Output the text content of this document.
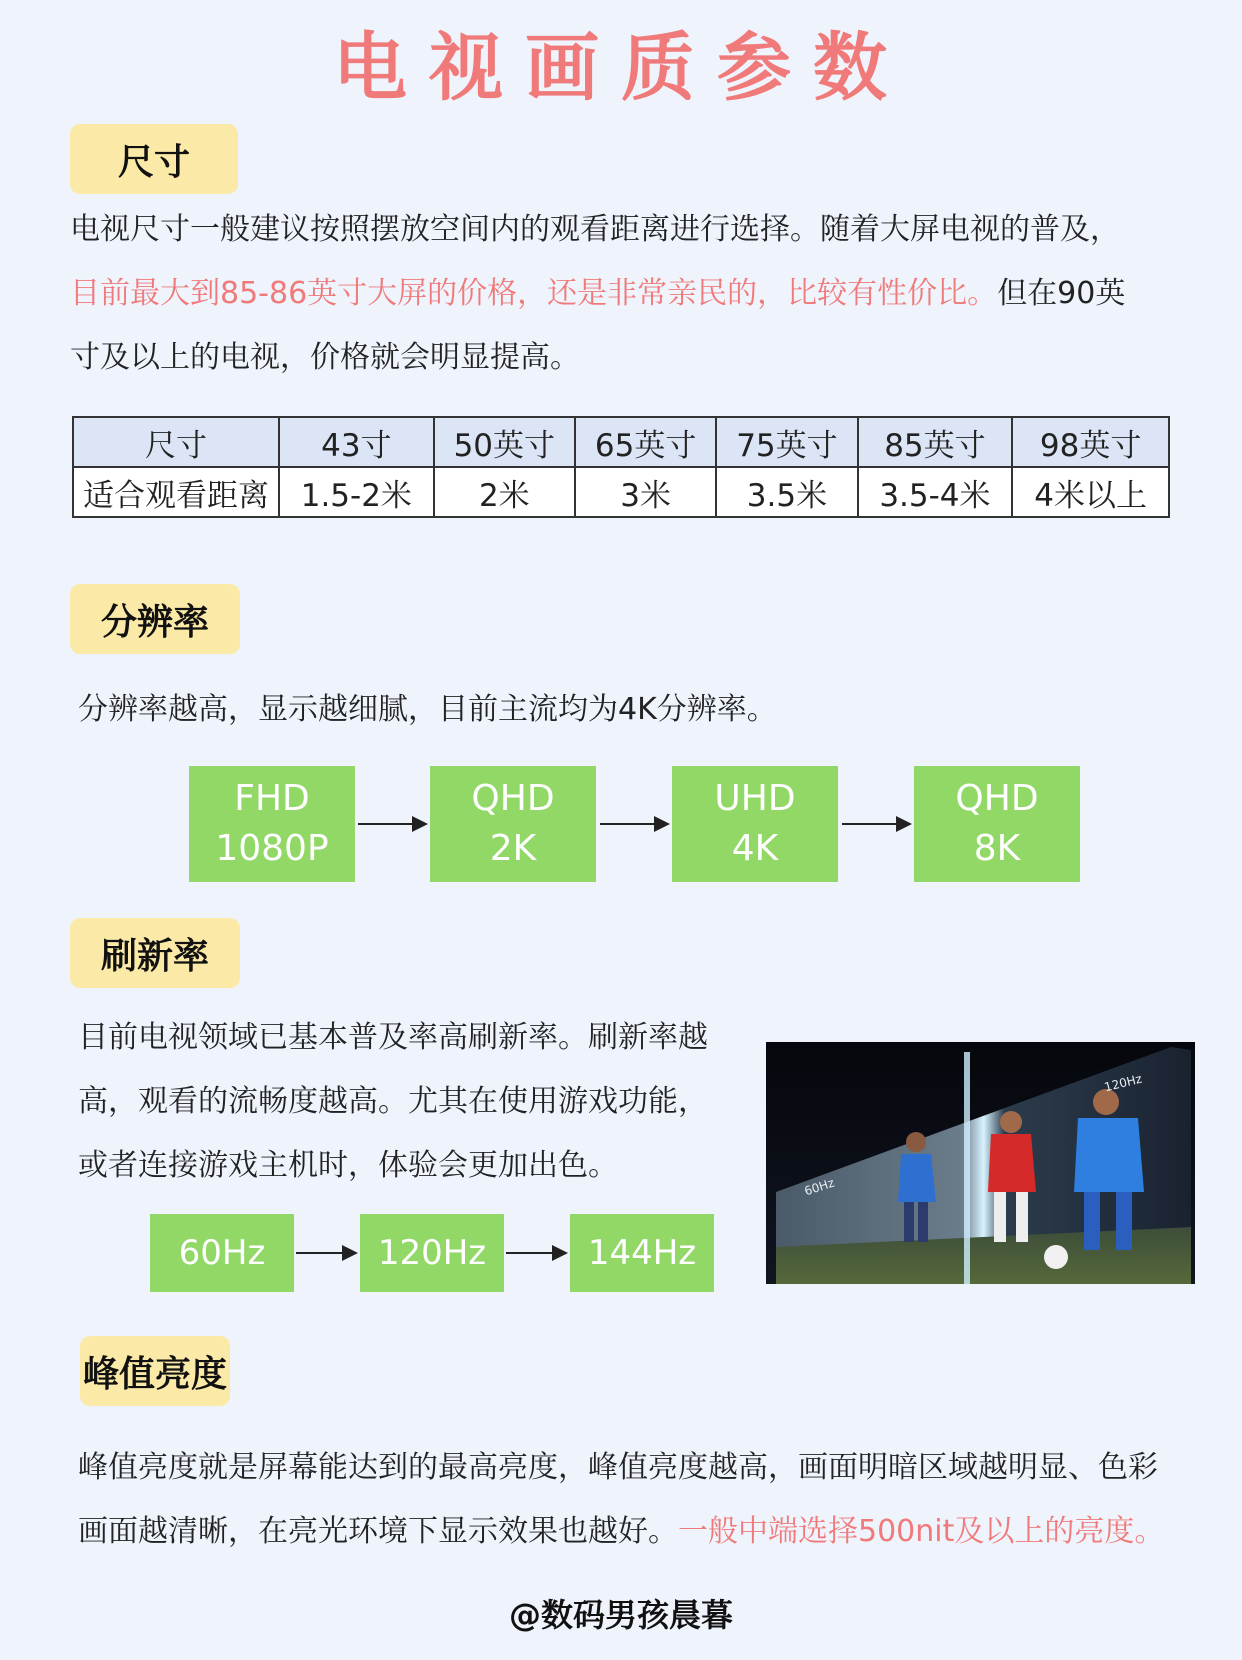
电视画质参数
尺寸
电视尺寸一般建议按照摆放空间内的观看距离进行选择。随着大屏电视的普及，
目前最大到85-86英寸大屏的价格，还是非常亲民的，比较有性价比。但在90英
寸及以上的电视，价格就会明显提高。
尺寸	43寸	50英寸	65英寸	75英寸	85英寸	98英寸
适合观看距离	1.5-2米	2米	3米	3.5米	3.5-4米	4米以上
分辨率
分辨率越高，显示越细腻，目前主流均为4K分辨率。
FHD
1080P
QHD
2K
UHD
4K
QHD
8K
刷新率
目前电视领域已基本普及率高刷新率。刷新率越
高，观看的流畅度越高。尤其在使用游戏功能，
或者连接游戏主机时，体验会更加出色。
60Hz	120Hz	144Hz
60Hz
120Hz
峰值亮度
峰值亮度就是屏幕能达到的最高亮度，峰值亮度越高，画面明暗区域越明显、色彩
画面越清晰，在亮光环境下显示效果也越好。一般中端选择500nit及以上的亮度。
@数码男孩晨暮
